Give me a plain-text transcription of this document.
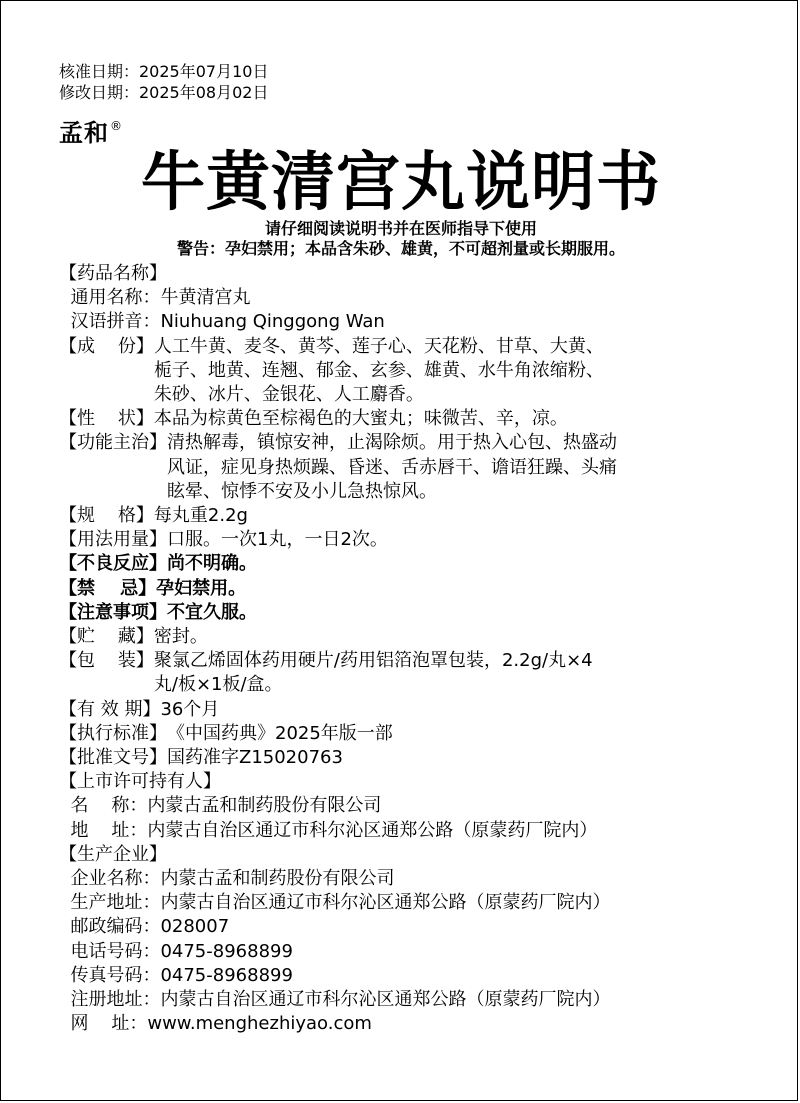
核准日期：2025年07月10日
修改日期：2025年08月02日
孟和®
牛黄清宫丸说明书
请仔细阅读说明书并在医师指导下使用
警告：孕妇禁用；本品含朱砂、雄黄，不可超剂量或长期服用。
【药品名称】
通用名称： 牛黄清宫丸
汉语拼音： Niuhuang Qinggong Wan
【成    份】 人工牛黄、麦冬、黄芩、莲子心、天花粉、甘草、大黄、
栀子、地黄、连翘、郁金、玄参、雄黄、水牛角浓缩粉、
朱砂、冰片、金银花、人工麝香。
【性    状】 本品为棕黄色至棕褐色的大蜜丸；味微苦、辛，凉。
【功能主治】 清热解毒，镇惊安神，止渴除烦。用于热入心包、热盛动
风证，症见身热烦躁、昏迷、舌赤唇干、谵语狂躁、头痛
眩晕、惊悸不安及小儿急热惊风。
【规    格】 每丸重2.2g
【用法用量】 口服。一次1丸，一日2次。
【不良反应】 尚不明确。
【禁    忌】 孕妇禁用。
【注意事项】 不宜久服。
【贮    藏】 密封。
【包    装】 聚氯乙烯固体药用硬片/药用铝箔泡罩包装，2.2g/丸×4
丸/板×1板/盒。
【有 效 期】 36个月
【执行标准】 《中国药典》2025年版一部
【批准文号】 国药准字Z15020763
【上市许可持有人】
名    称： 内蒙古孟和制药股份有限公司
地    址： 内蒙古自治区通辽市科尔沁区通郑公路（原蒙药厂院内）
【生产企业】
企业名称： 内蒙古孟和制药股份有限公司
生产地址： 内蒙古自治区通辽市科尔沁区通郑公路（原蒙药厂院内）
邮政编码： 028007
电话号码： 0475-8968899
传真号码： 0475-8968899
注册地址： 内蒙古自治区通辽市科尔沁区通郑公路（原蒙药厂院内）
网    址： www.menghezhiyao.com
